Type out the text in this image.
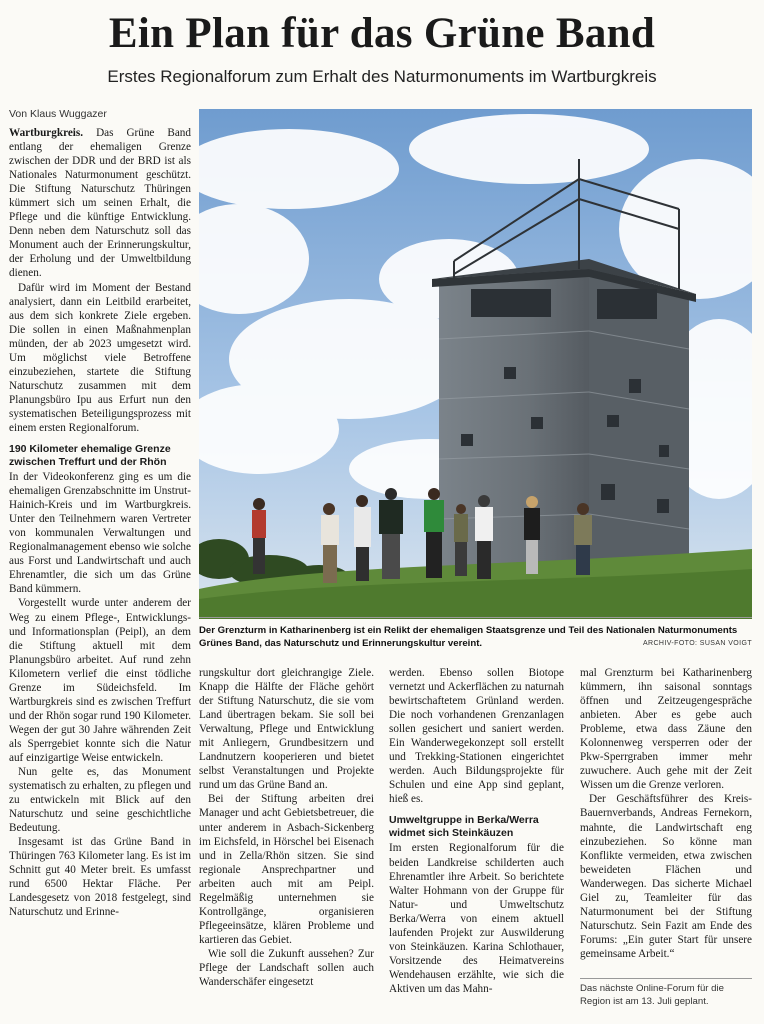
Ein Plan für das Grüne Band
Erstes Regionalforum zum Erhalt des Naturmonuments im Wartburgkreis
Von Klaus Wuggazer

Wartburgkreis. Das Grüne Band entlang der ehemaligen Grenze zwischen der DDR und der BRD ist als Nationales Naturmonument geschützt. Die Stiftung Naturschutz Thüringen kümmert sich um seinen Erhalt, die Pflege und die künftige Entwicklung. Denn neben dem Naturschutz soll das Monument auch der Erinnerungskultur, der Erholung und der Umweltbildung dienen.

Dafür wird im Moment der Bestand analysiert, dann ein Leitbild erarbeitet, aus dem sich konkrete Ziele ergeben. Die sollen in einen Maßnahmenplan münden, der ab 2023 umgesetzt wird. Um möglichst viele Betroffene einzubeziehen, startete die Stiftung Naturschutz zusammen mit dem Planungsbüro Ipu aus Erfurt nun den systematischen Beteiligungsprozess mit einem ersten Regionalforum.

190 Kilometer ehemalige Grenze
zwischen Treffurt und der Rhön

In der Videokonferenz ging es um die ehemaligen Grenzabschnitte im Unstrut-Hainich-Kreis und im Wartburgkreis. Unter den Teilnehmern waren Vertreter von kommunalen Verwaltungen und Regionalmanagement ebenso wie solche aus Forst und Landwirtschaft und auch Ehrenamtler, die sich um das Grüne Band kümmern.

Vorgestellt wurde unter anderem der Weg zu einem Pflege-, Entwicklungs- und Informationsplan (Peipl), an dem die Stiftung aktuell mit dem Planungsbüro arbeitet. Auf rund zehn Kilometern verlief die einst tödliche Grenze im Südeichsfeld. Im Wartburgkreis sind es zwischen Treffurt und der Rhön sogar rund 190 Kilometer. Wegen der gut 30 Jahre währenden Zeit als Sperrgebiet konnte sich die Natur auf einzigartige Weise entwickeln.

Nun gelte es, das Monument systematisch zu erhalten, zu pflegen und zu entwickeln mit Blick auf den Naturschutz und seine geschichtliche Bedeutung.

Insgesamt ist das Grüne Band in Thüringen 763 Kilometer lang. Es ist im Schnitt gut 40 Meter breit. Es umfasst rund 6500 Hektar Fläche. Per Landesgesetz von 2018 festgelegt, sind Naturschutz und Erinne-

Der Grenzturm in Katharinenberg ist ein Relikt der ehemaligen Staatsgrenze und Teil des Nationalen Naturmonuments Grünes Band, das Naturschutz und Erinnerungskultur vereint.	ARCHIV-FOTO: SUSAN VOIGT

rungskultur dort gleichrangige Ziele. Knapp die Hälfte der Fläche gehört der Stiftung Naturschutz, die sie vom Land übertragen bekam. Sie soll bei Verwaltung, Pflege und Entwicklung mit Anliegern, Grundbesitzern und Landnutzern kooperieren und bietet selbst Veranstaltungen und Projekte rund um das Grüne Band an.

Bei der Stiftung arbeiten drei Manager und acht Gebietsbetreuer, die unter anderem in Asbach-Sickenberg im Eichsfeld, in Hörschel bei Eisenach und in Zella/Rhön sitzen. Sie sind regionale Ansprechpartner und arbeiten auch mit am Peipl. Regelmäßig unternehmen sie Kontrollgänge, organisieren Pflegeeinsätze, klären Probleme und kartieren das Gebiet.

Wie soll die Zukunft aussehen? Zur Pflege der Landschaft sollen auch Wanderschäfer eingesetzt

werden. Ebenso sollen Biotope vernetzt und Ackerflächen zu naturnah bewirtschaftetem Grünland werden. Die noch vorhandenen Grenzanlagen sollen gesichert und saniert werden. Ein Wanderwegekonzept soll erstellt und Trekking-Stationen eingerichtet werden. Auch Bildungsprojekte für Schulen und eine App sind geplant, hieß es.

Umweltgruppe in Berka/Werra
widmet sich Steinkäuzen

Im ersten Regionalforum für die beiden Landkreise schilderten auch Ehrenamtler ihre Arbeit. So berichtete Walter Hohmann von der Gruppe für Natur- und Umweltschutz Berka/Werra von einem aktuell laufenden Projekt zur Auswilderung von Steinkäuzen. Karina Schlothauer, Vorsitzende des Heimatvereins Wendehausen erzählte, wie sich die Aktiven um das Mahn-

mal Grenzturm bei Katharinenberg kümmern, ihn saisonal sonntags öffnen und Zeitzeugengespräche anbieten. Aber es gebe auch Probleme, etwa dass Zäune den Kolonnenweg versperren oder der Pkw-Sperrgraben immer mehr zuwuchere. Auch gehe mit der Zeit Wissen um die Grenze verloren.

Der Geschäftsführer des Kreis-Bauernverbands, Andreas Fernekorn, mahnte, die Landwirtschaft eng einzubeziehen. So könne man Konflikte vermeiden, etwa zwischen beweideten Flächen und Wanderwegen. Das sicherte Michael Giel zu, Teamleiter für das Naturmonument bei der Stiftung Naturschutz. Sein Fazit am Ende des Forums: „Ein guter Start für unsere gemeinsame Arbeit.“

Das nächste Online-Forum für die Region ist am 13. Juli geplant.
